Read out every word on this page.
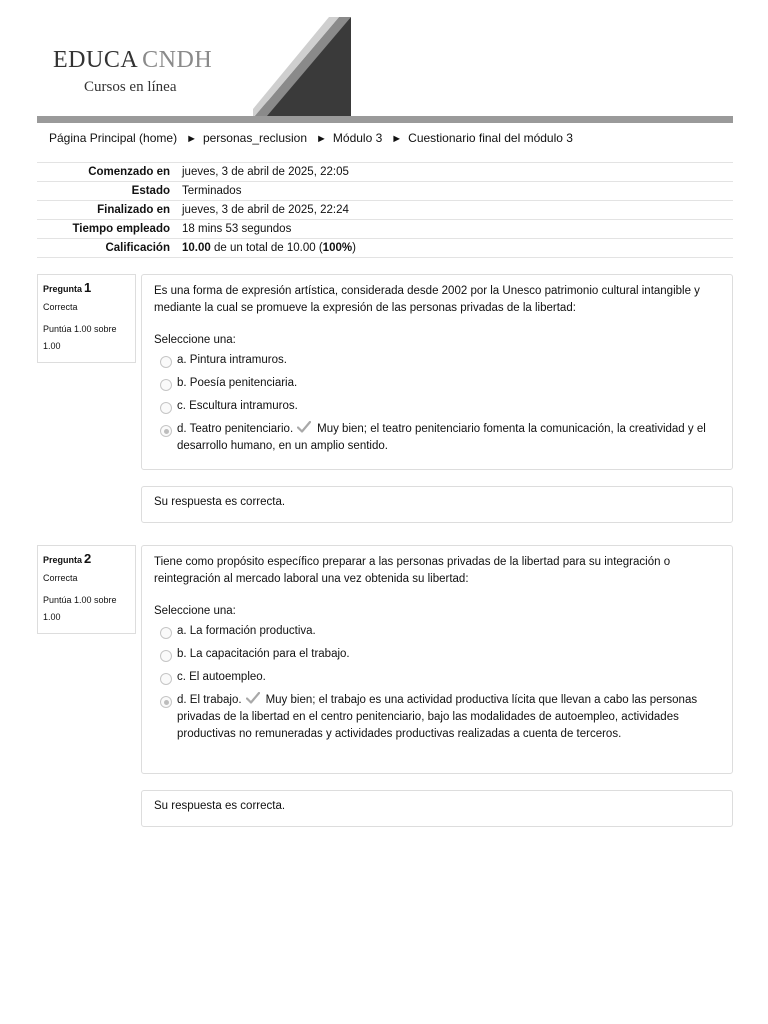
EDUCA CNDH
Cursos en línea
Página Principal (home) ► personas_reclusion ► Módulo 3 ► Cuestionario final del módulo 3
Comenzado en	jueves, 3 de abril de 2025, 22:05
Estado	Terminados
Finalizado en	jueves, 3 de abril de 2025, 22:24
Tiempo empleado	18 mins 53 segundos
Calificación	10.00 de un total de 10.00 (100%)
Pregunta 1
Correcta
Puntúa 1.00 sobre 1.00
Es una forma de expresión artística, considerada desde 2002 por la Unesco patrimonio cultural intangible y mediante la cual se promueve la expresión de las personas privadas de la libertad:
Seleccione una:
a. Pintura intramuros.
b. Poesía penitenciaria.
c. Escultura intramuros.
d. Teatro penitenciario. Muy bien; el teatro penitenciario fomenta la comunicación, la creatividad y el desarrollo humano, en un amplio sentido.
Su respuesta es correcta.
Pregunta 2
Correcta
Puntúa 1.00 sobre 1.00
Tiene como propósito específico preparar a las personas privadas de la libertad para su integración o reintegración al mercado laboral una vez obtenida su libertad:
Seleccione una:
a. La formación productiva.
b. La capacitación para el trabajo.
c. El autoempleo.
d. El trabajo. Muy bien; el trabajo es una actividad productiva lícita que llevan a cabo las personas privadas de la libertad en el centro penitenciario, bajo las modalidades de autoempleo, actividades productivas no remuneradas y actividades productivas realizadas a cuenta de terceros.
Su respuesta es correcta.
